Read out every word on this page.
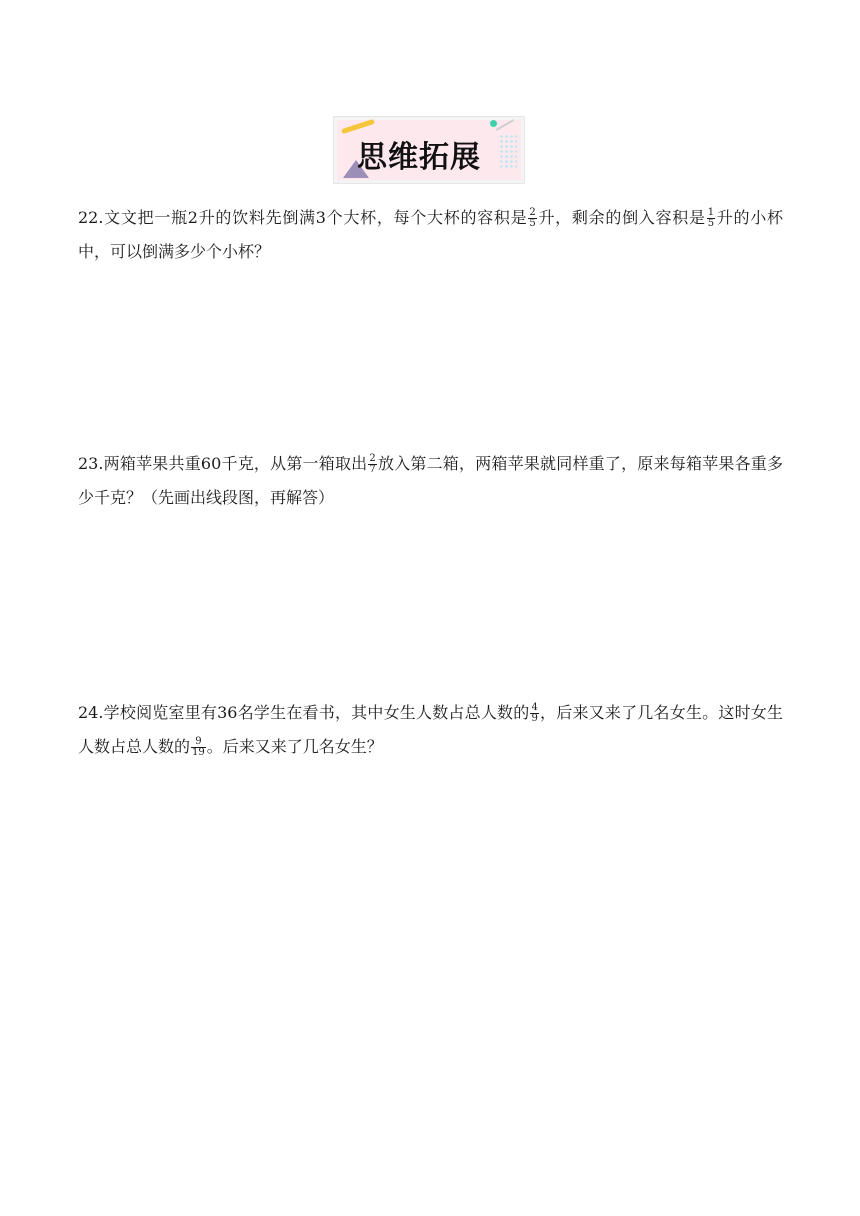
思维拓展
22.文文把一瓶2升的饮料先倒满3个大杯，每个大杯的容积是 $\frac{2}{5}$ 升，剩余的倒入容积是 $\frac{1}{5}$ 升的小杯中，可以倒满多少个小杯？
23.两箱苹果共重60千克，从第一箱取出 $\frac{2}{7}$ 放入第二箱，两箱苹果就同样重了，原来每箱苹果各重多少千克？（先画出线段图，再解答）
24.学校阅览室里有36名学生在看书，其中女生人数占总人数的 $\frac{4}{9}$ ，后来又来了几名女生。这时女生人数占总人数的 $\frac{9}{19}$ 。后来又来了几名女生？
